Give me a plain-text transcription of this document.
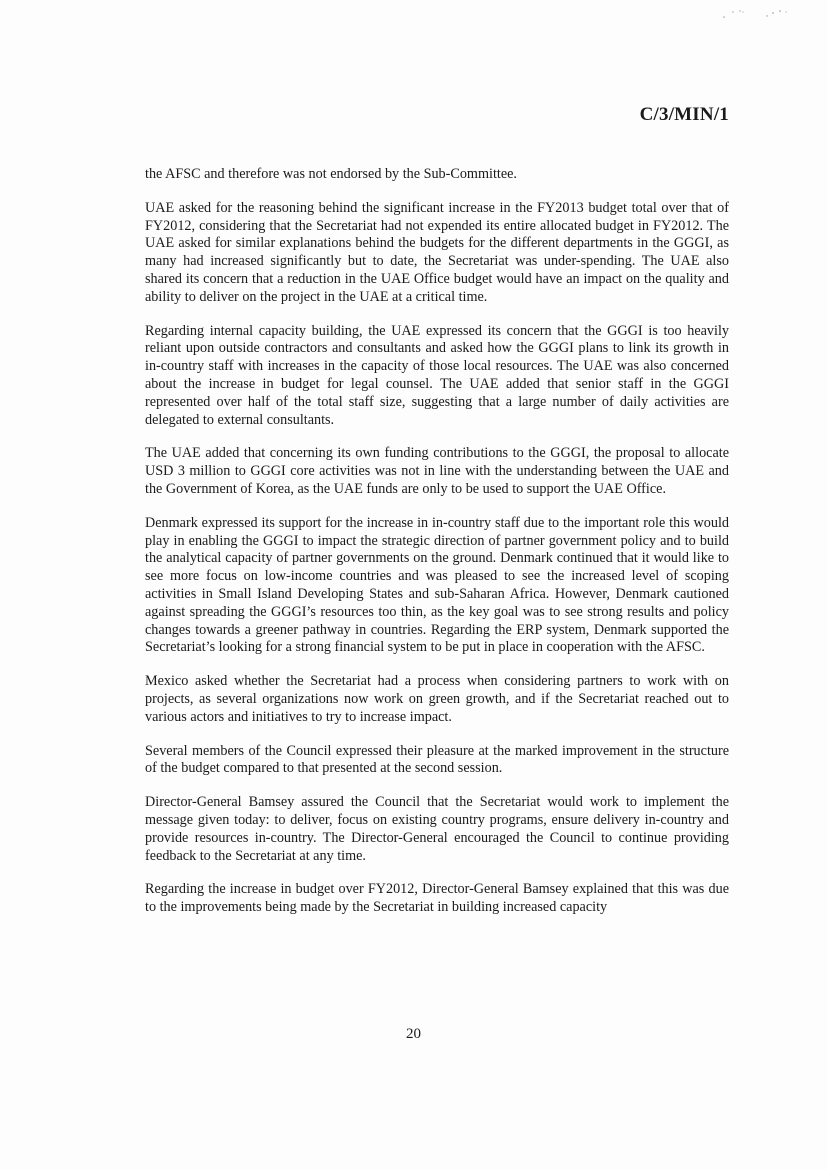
C/3/MIN/1

the AFSC and therefore was not endorsed by the Sub-Committee.

UAE asked for the reasoning behind the significant increase in the FY2013 budget total over that of FY2012, considering that the Secretariat had not expended its entire allocated budget in FY2012. The UAE asked for similar explanations behind the budgets for the different departments in the GGGI, as many had increased significantly but to date, the Secretariat was under-spending. The UAE also shared its concern that a reduction in the UAE Office budget would have an impact on the quality and ability to deliver on the project in the UAE at a critical time.

Regarding internal capacity building, the UAE expressed its concern that the GGGI is too heavily reliant upon outside contractors and consultants and asked how the GGGI plans to link its growth in in-country staff with increases in the capacity of those local resources. The UAE was also concerned about the increase in budget for legal counsel. The UAE added that senior staff in the GGGI represented over half of the total staff size, suggesting that a large number of daily activities are delegated to external consultants.

The UAE added that concerning its own funding contributions to the GGGI, the proposal to allocate USD 3 million to GGGI core activities was not in line with the understanding between the UAE and the Government of Korea, as the UAE funds are only to be used to support the UAE Office.

Denmark expressed its support for the increase in in-country staff due to the important role this would play in enabling the GGGI to impact the strategic direction of partner government policy and to build the analytical capacity of partner governments on the ground. Denmark continued that it would like to see more focus on low-income countries and was pleased to see the increased level of scoping activities in Small Island Developing States and sub-Saharan Africa. However, Denmark cautioned against spreading the GGGI’s resources too thin, as the key goal was to see strong results and policy changes towards a greener pathway in countries. Regarding the ERP system, Denmark supported the Secretariat’s looking for a strong financial system to be put in place in cooperation with the AFSC.

Mexico asked whether the Secretariat had a process when considering partners to work with on projects, as several organizations now work on green growth, and if the Secretariat reached out to various actors and initiatives to try to increase impact.

Several members of the Council expressed their pleasure at the marked improvement in the structure of the budget compared to that presented at the second session.

Director-General Bamsey assured the Council that the Secretariat would work to implement the message given today: to deliver, focus on existing country programs, ensure delivery in-country and provide resources in-country. The Director-General encouraged the Council to continue providing feedback to the Secretariat at any time.

Regarding the increase in budget over FY2012, Director-General Bamsey explained that this was due to the improvements being made by the Secretariat in building increased capacity

20
